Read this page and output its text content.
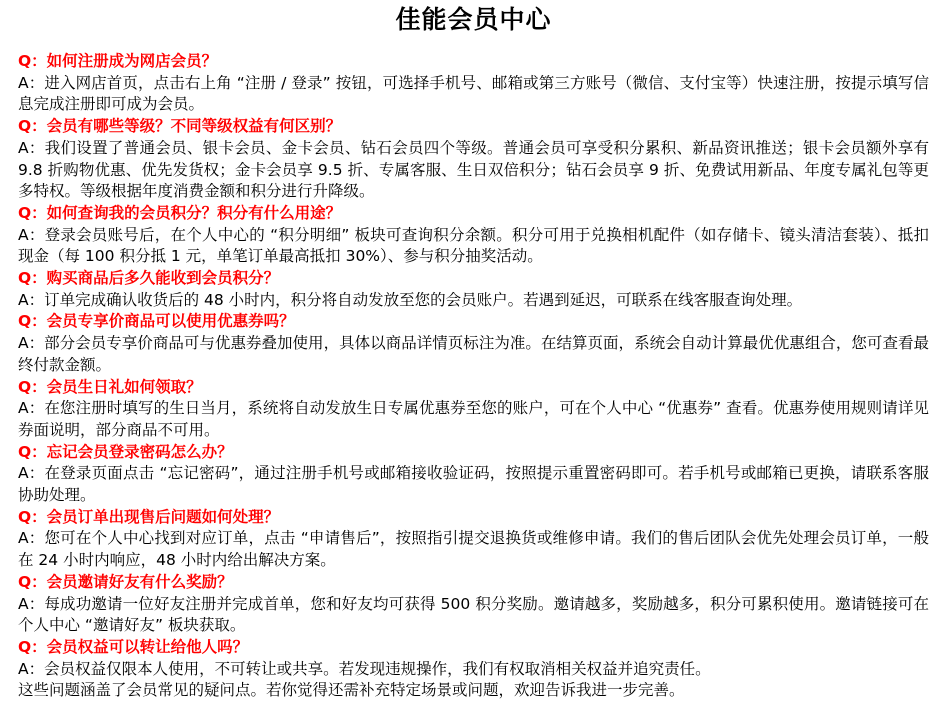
佳能会员中心
Q：如何注册成为网店会员？
A：进入网店首页，点击右上角 “注册 / 登录” 按钮，可选择手机号、邮箱或第三方账号（微信、支付宝等）快速注册，按提示填写信息完成注册即可成为会员。
Q：会员有哪些等级？不同等级权益有何区别？
A：我们设置了普通会员、银卡会员、金卡会员、钻石会员四个等级。普通会员可享受积分累积、新品资讯推送；银卡会员额外享有 9.8 折购物优惠、优先发货权；金卡会员享 9.5 折、专属客服、生日双倍积分；钻石会员享 9 折、免费试用新品、年度专属礼包等更多特权。等级根据年度消费金额和积分进行升降级。
Q：如何查询我的会员积分？积分有什么用途？
A：登录会员账号后，在个人中心的 “积分明细” 板块可查询积分余额。积分可用于兑换相机配件（如存储卡、镜头清洁套装）、抵扣现金（每 100 积分抵 1 元，单笔订单最高抵扣 30%）、参与积分抽奖活动。
Q：购买商品后多久能收到会员积分？
A：订单完成确认收货后的 48 小时内，积分将自动发放至您的会员账户。若遇到延迟，可联系在线客服查询处理。
Q：会员专享价商品可以使用优惠券吗？
A：部分会员专享价商品可与优惠券叠加使用，具体以商品详情页标注为准。在结算页面，系统会自动计算最优优惠组合，您可查看最终付款金额。
Q：会员生日礼如何领取？
A：在您注册时填写的生日当月，系统将自动发放生日专属优惠券至您的账户，可在个人中心 “优惠券” 查看。优惠券使用规则请详见券面说明，部分商品不可用。
Q：忘记会员登录密码怎么办？
A：在登录页面点击 “忘记密码”，通过注册手机号或邮箱接收验证码，按照提示重置密码即可。若手机号或邮箱已更换，请联系客服协助处理。
Q：会员订单出现售后问题如何处理？
A：您可在个人中心找到对应订单，点击 “申请售后”，按照指引提交退换货或维修申请。我们的售后团队会优先处理会员订单，一般在 24 小时内响应，48 小时内给出解决方案。
Q：会员邀请好友有什么奖励？
A：每成功邀请一位好友注册并完成首单，您和好友均可获得 500 积分奖励。邀请越多，奖励越多，积分可累积使用。邀请链接可在个人中心 “邀请好友” 板块获取。
Q：会员权益可以转让给他人吗？
A：会员权益仅限本人使用，不可转让或共享。若发现违规操作，我们有权取消相关权益并追究责任。
这些问题涵盖了会员常见的疑问点。若你觉得还需补充特定场景或问题，欢迎告诉我进一步完善。
